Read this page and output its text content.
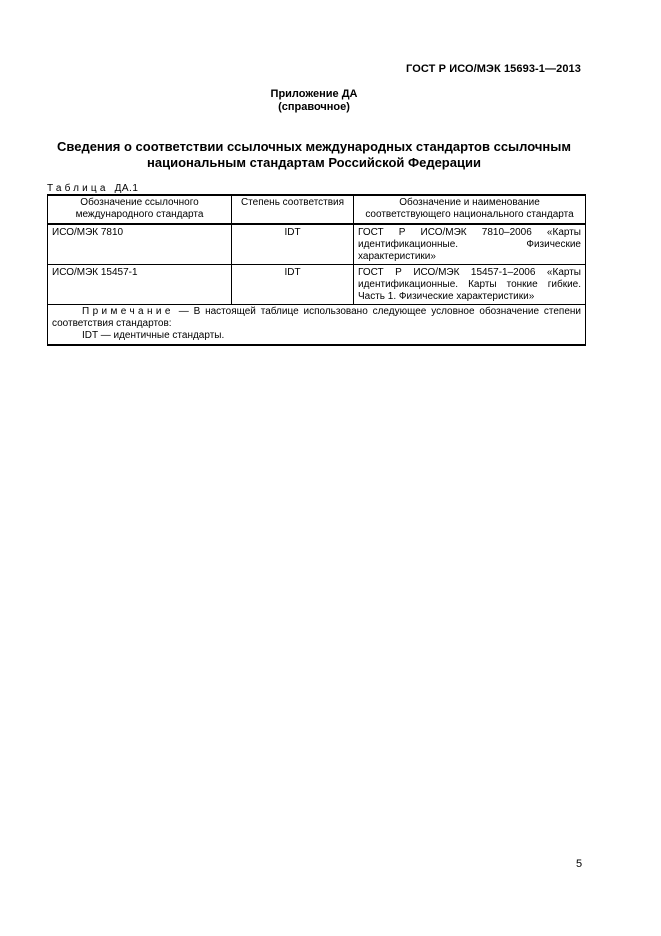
ГОСТ Р ИСО/МЭК 15693-1—2013
Приложение ДА
(справочное)
Сведения о соответствии ссылочных международных стандартов ссылочным
национальным стандартам Российской Федерации
Таблица ДА.1
Обозначение ссылочного международного стандарта	Степень соответствия	Обозначение и наименование соответствующего национального стандарта
ИСО/МЭК 7810	IDT	ГОСТ Р ИСО/МЭК 7810–2006 «Карты идентификационные. Физические характеристики»
ИСО/МЭК 15457-1	IDT	ГОСТ Р ИСО/МЭК 15457-1–2006 «Карты идентификационные. Карты тонкие гибкие. Часть 1. Физические характеристики»

Примечание — В настоящей таблице использовано следующее условное обозначение степени соответствия стандартов:
IDT — идентичные стандарты.		
5
